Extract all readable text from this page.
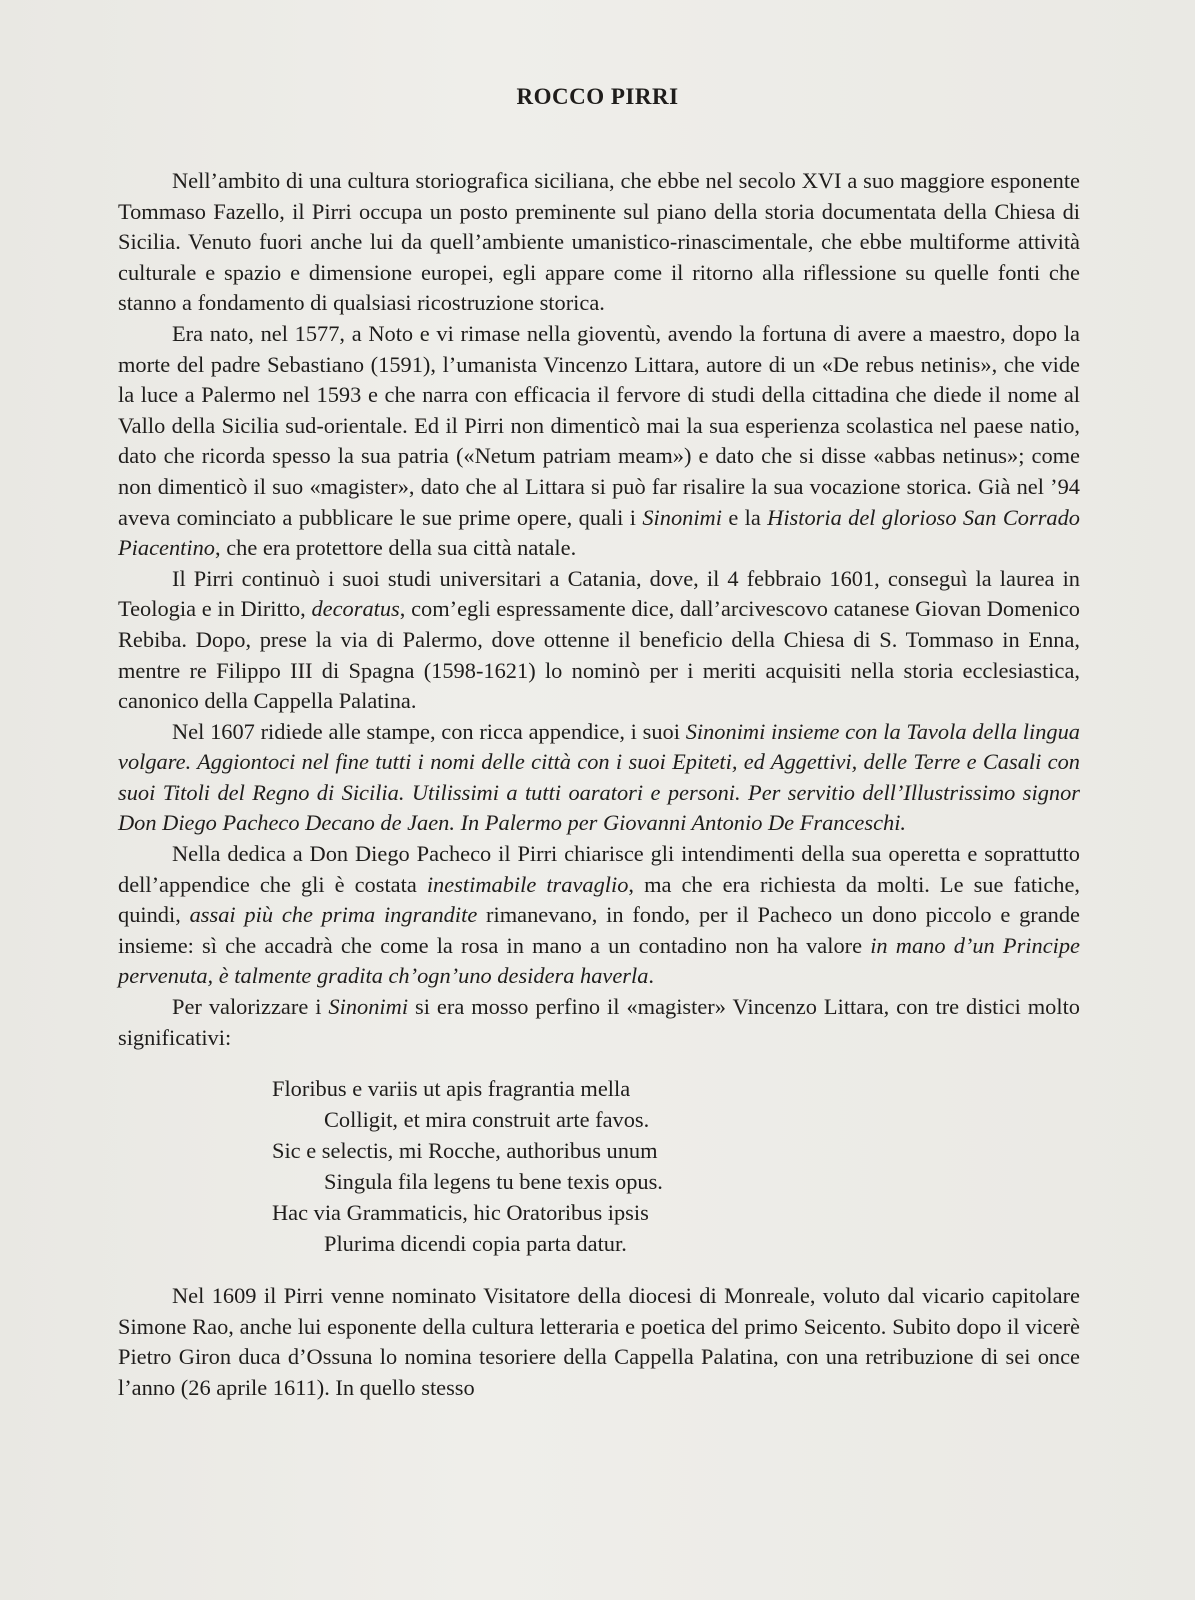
ROCCO PIRRI

Nell’ambito di una cultura storiografica siciliana, che ebbe nel secolo XVI a suo maggiore esponente Tommaso Fazello, il Pirri occupa un posto preminente sul piano della storia documentata della Chiesa di Sicilia. Venuto fuori anche lui da quell’ambiente umanistico-rinascimentale, che ebbe multiforme attività culturale e spazio e dimensione europei, egli appare come il ritorno alla riflessione su quelle fonti che stanno a fondamento di qualsiasi ricostruzione storica.

Era nato, nel 1577, a Noto e vi rimase nella gioventù, avendo la fortuna di avere a maestro, dopo la morte del padre Sebastiano (1591), l’umanista Vincenzo Littara, autore di un «De rebus netinis», che vide la luce a Palermo nel 1593 e che narra con efficacia il fervore di studi della cittadina che diede il nome al Vallo della Sicilia sud-orientale. Ed il Pirri non dimenticò mai la sua esperienza scolastica nel paese natio, dato che ricorda spesso la sua patria («Netum patriam meam») e dato che si disse «abbas netinus»; come non dimenticò il suo «magister», dato che al Littara si può far risalire la sua vocazione storica. Già nel ’94 aveva cominciato a pubblicare le sue prime opere, quali i Sinonimi e la Historia del glorioso San Corrado Piacentino, che era protettore della sua città natale.

Il Pirri continuò i suoi studi universitari a Catania, dove, il 4 febbraio 1601, conseguì la laurea in Teologia e in Diritto, decoratus, com’egli espressamente dice, dall’arcivescovo catanese Giovan Domenico Rebiba. Dopo, prese la via di Palermo, dove ottenne il beneficio della Chiesa di S. Tommaso in Enna, mentre re Filippo III di Spagna (1598-1621) lo nominò per i meriti acquisiti nella storia ecclesiastica, canonico della Cappella Palatina.

Nel 1607 ridiede alle stampe, con ricca appendice, i suoi Sinonimi insieme con la Tavola della lingua volgare. Aggiontoci nel fine tutti i nomi delle città con i suoi Epiteti, ed Aggettivi, delle Terre e Casali con suoi Titoli del Regno di Sicilia. Utilissimi a tutti oaratori e personi. Per servitio dell’Illustrissimo signor Don Diego Pacheco Decano de Jaen. In Palermo per Giovanni Antonio De Franceschi.

Nella dedica a Don Diego Pacheco il Pirri chiarisce gli intendimenti della sua operetta e soprattutto dell’appendice che gli è costata inestimabile travaglio, ma che era richiesta da molti. Le sue fatiche, quindi, assai più che prima ingrandite rimanevano, in fondo, per il Pacheco un dono piccolo e grande insieme: sì che accadrà che come la rosa in mano a un contadino non ha valore in mano d’un Principe pervenuta, è talmente gradita ch’ogn’uno desidera haverla.

Per valorizzare i Sinonimi si era mosso perfino il «magister» Vincenzo Littara, con tre distici molto significativi:

Floribus e variis ut apis fragrantia mella
Colligit, et mira construit arte favos.
Sic e selectis, mi Rocche, authoribus unum
Singula fila legens tu bene texis opus.
Hac via Grammaticis, hic Oratoribus ipsis
Plurima dicendi copia parta datur.

Nel 1609 il Pirri venne nominato Visitatore della diocesi di Monreale, voluto dal vicario capitolare Simone Rao, anche lui esponente della cultura letteraria e poetica del primo Seicento. Subito dopo il vicerè Pietro Giron duca d’Ossuna lo nomina tesoriere della Cappella Palatina, con una retribuzione di sei once l’anno (26 aprile 1611). In quello stesso
